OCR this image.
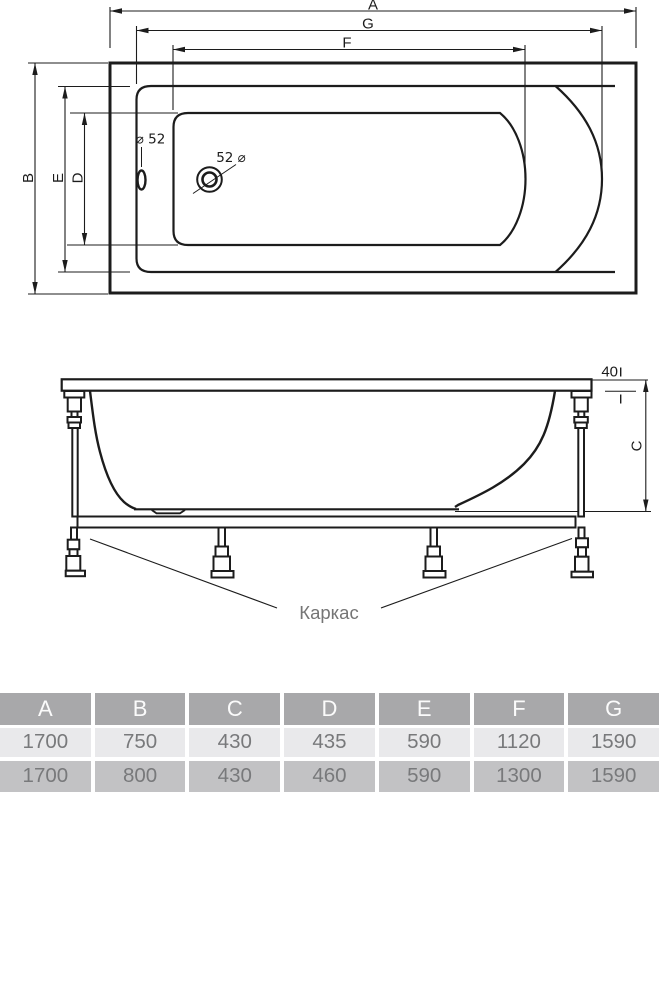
A
G
F
B E D
⌀ 52
52 ⌀
40
C
Каркас
A	B	C	D	E	F	G
1700	750	430	435	590	1120	1590
1700	800	430	460	590	1300	1590
